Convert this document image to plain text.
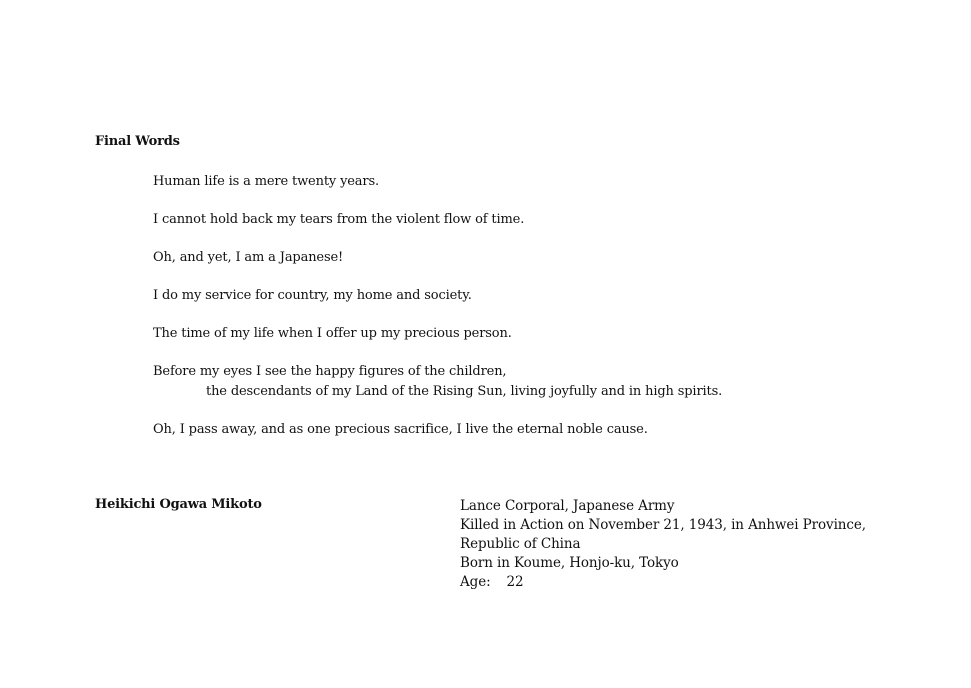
Final Words

Human life is a mere twenty years.

I cannot hold back my tears from the violent flow of time.

Oh, and yet, I am a Japanese!

I do my service for country, my home and society.

The time of my life when I offer up my precious person.

Before my eyes I see the happy figures of the children,
the descendants of my Land of the Rising Sun, living joyfully and in high spirits.

Oh, I pass away, and as one precious sacrifice, I live the eternal noble cause.

Heikichi Ogawa Mikoto	Lance Corporal, Japanese Army
Killed in Action on November 21, 1943, in Anhwei Province,
Republic of China
Born in Koume, Honjo-ku, Tokyo
Age: 22
